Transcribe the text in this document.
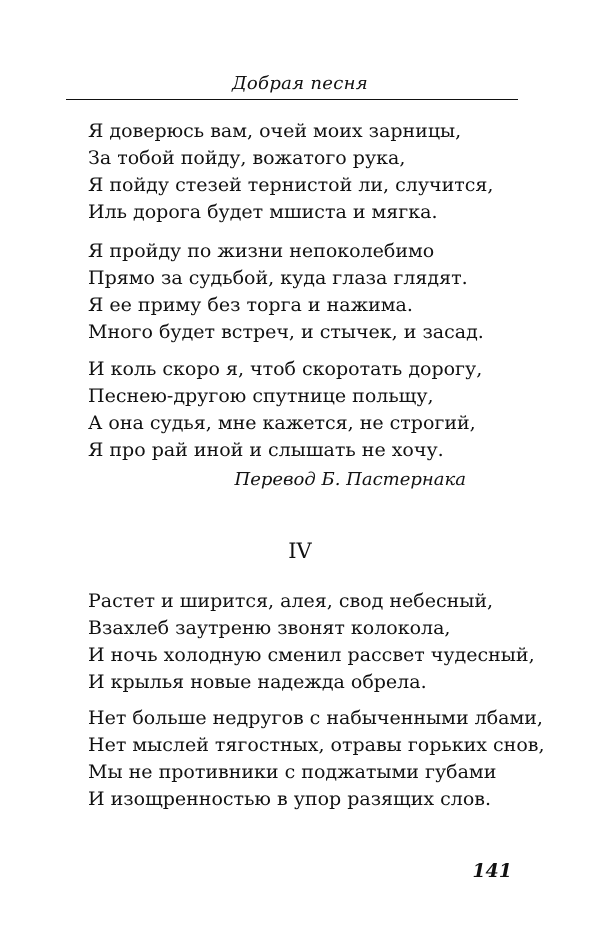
Добрая песня
Я доверюсь вам, очей моих зарницы,
За тобой пойду, вожатого рука,
Я пойду стезей тернистой ли, случится,
Иль дорога будет мшиста и мягка.
Я пройду по жизни непоколебимо
Прямо за судьбой, куда глаза глядят.
Я ее приму без торга и нажима.
Много будет встреч, и стычек, и засад.
И коль скоро я, чтоб скоротать дорогу,
Песнею-другою спутнице польщу,
А она судья, мне кажется, не строгий,
Я про рай иной и слышать не хочу.
Перевод Б. Пастернака
IV
Растет и ширится, алея, свод небесный,
Взахлеб заутреню звонят колокола,
И ночь холодную сменил рассвет чудесный,
И крылья новые надежда обрела.
Нет больше недругов с набыченными лбами,
Нет мыслей тягостных, отравы горьких снов,
Мы не противники с поджатыми губами
И изощренностью в упор разящих слов.
141
